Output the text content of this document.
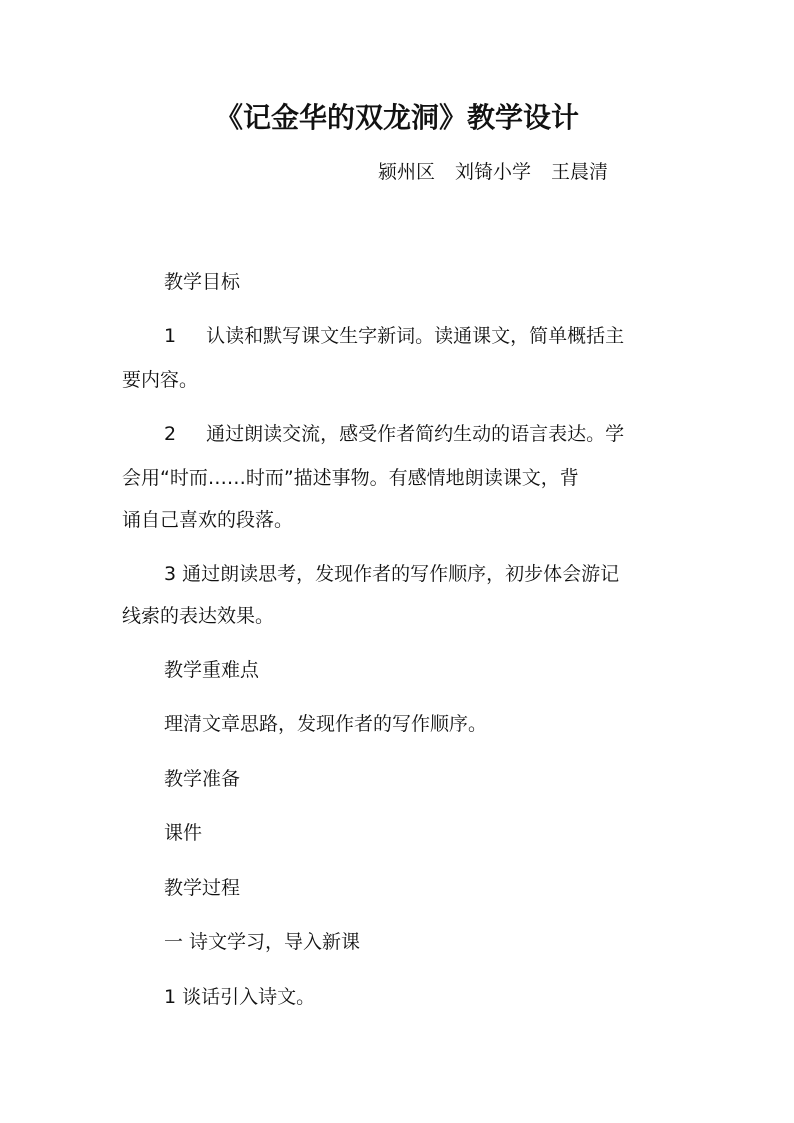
《记金华的双龙洞》教学设计
颍州区 刘锜小学 王晨清
教学目标
1 认读和默写课文生字新词。读通课文，简单概括主
要内容。
2 通过朗读交流，感受作者简约生动的语言表达。学
会用“时而……时而”描述事物。有感情地朗读课文，背
诵自己喜欢的段落。
3 通过朗读思考，发现作者的写作顺序，初步体会游记
线索的表达效果。
教学重难点
理清文章思路，发现作者的写作顺序。
教学准备
课件
教学过程
一 诗文学习，导入新课
1 谈话引入诗文。
